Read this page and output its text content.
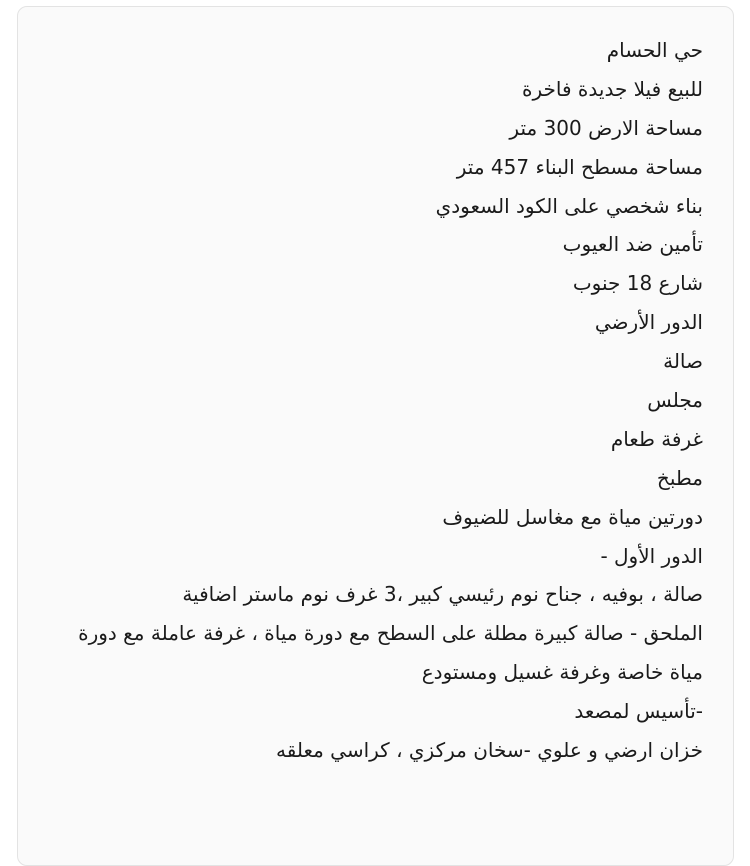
حي الحسام
للبيع فيلا جديدة فاخرة
مساحة الارض 300 متر
مساحة مسطح البناء 457 متر
بناء شخصي على الكود السعودي
تأمين ضد العيوب
شارع 18 جنوب
الدور الأرضي
صالة
مجلس
غرفة طعام
مطبخ
دورتين مياة مع مغاسل للضيوف
الدور الأول -
صالة ، بوفيه ، جناح نوم رئيسي كبير ،3 غرف نوم ماستر اضافية
الملحق - صالة كبيرة مطلة على السطح مع دورة مياة ، غرفة عاملة مع دورة
مياة خاصة وغرفة غسيل ومستودع
-تأسيس لمصعد
خزان ارضي و علوي -سخان مركزي ، كراسي معلقه
